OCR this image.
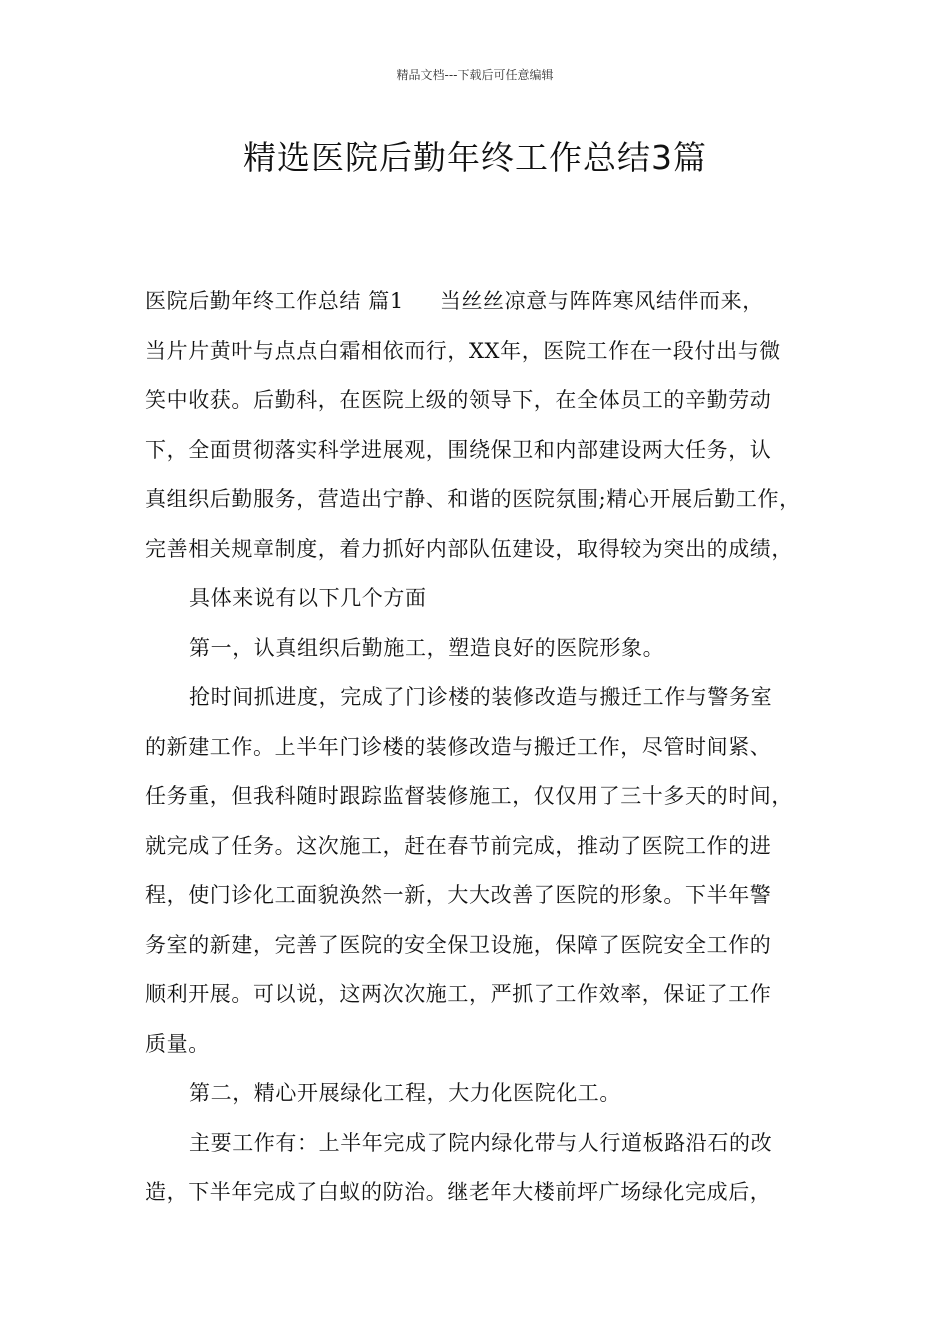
精品文档---下载后可任意编辑
精选医院后勤年终工作总结3篇
医院后勤年终工作总结 篇1 当丝丝凉意与阵阵寒风结伴而来，
当片片黄叶与点点白霜相依而行，XX年，医院工作在一段付出与微
笑中收获。后勤科，在医院上级的领导下，在全体员工的辛勤劳动
下，全面贯彻落实科学进展观，围绕保卫和内部建设两大任务，认
真组织后勤服务，营造出宁静、和谐的医院氛围;精心开展后勤工作，
完善相关规章制度，着力抓好内部队伍建设，取得较为突出的成绩，
具体来说有以下几个方面
第一，认真组织后勤施工，塑造良好的医院形象。
抢时间抓进度，完成了门诊楼的装修改造与搬迁工作与警务室
的新建工作。上半年门诊楼的装修改造与搬迁工作，尽管时间紧、
任务重，但我科随时跟踪监督装修施工，仅仅用了三十多天的时间，
就完成了任务。这次施工，赶在春节前完成，推动了医院工作的进
程，使门诊化工面貌涣然一新，大大改善了医院的形象。下半年警
务室的新建，完善了医院的安全保卫设施，保障了医院安全工作的
顺利开展。可以说，这两次次施工，严抓了工作效率，保证了工作
质量。
第二，精心开展绿化工程，大力化医院化工。
主要工作有：上半年完成了院内绿化带与人行道板路沿石的改
造，下半年完成了白蚁的防治。继老年大楼前坪广场绿化完成后，
